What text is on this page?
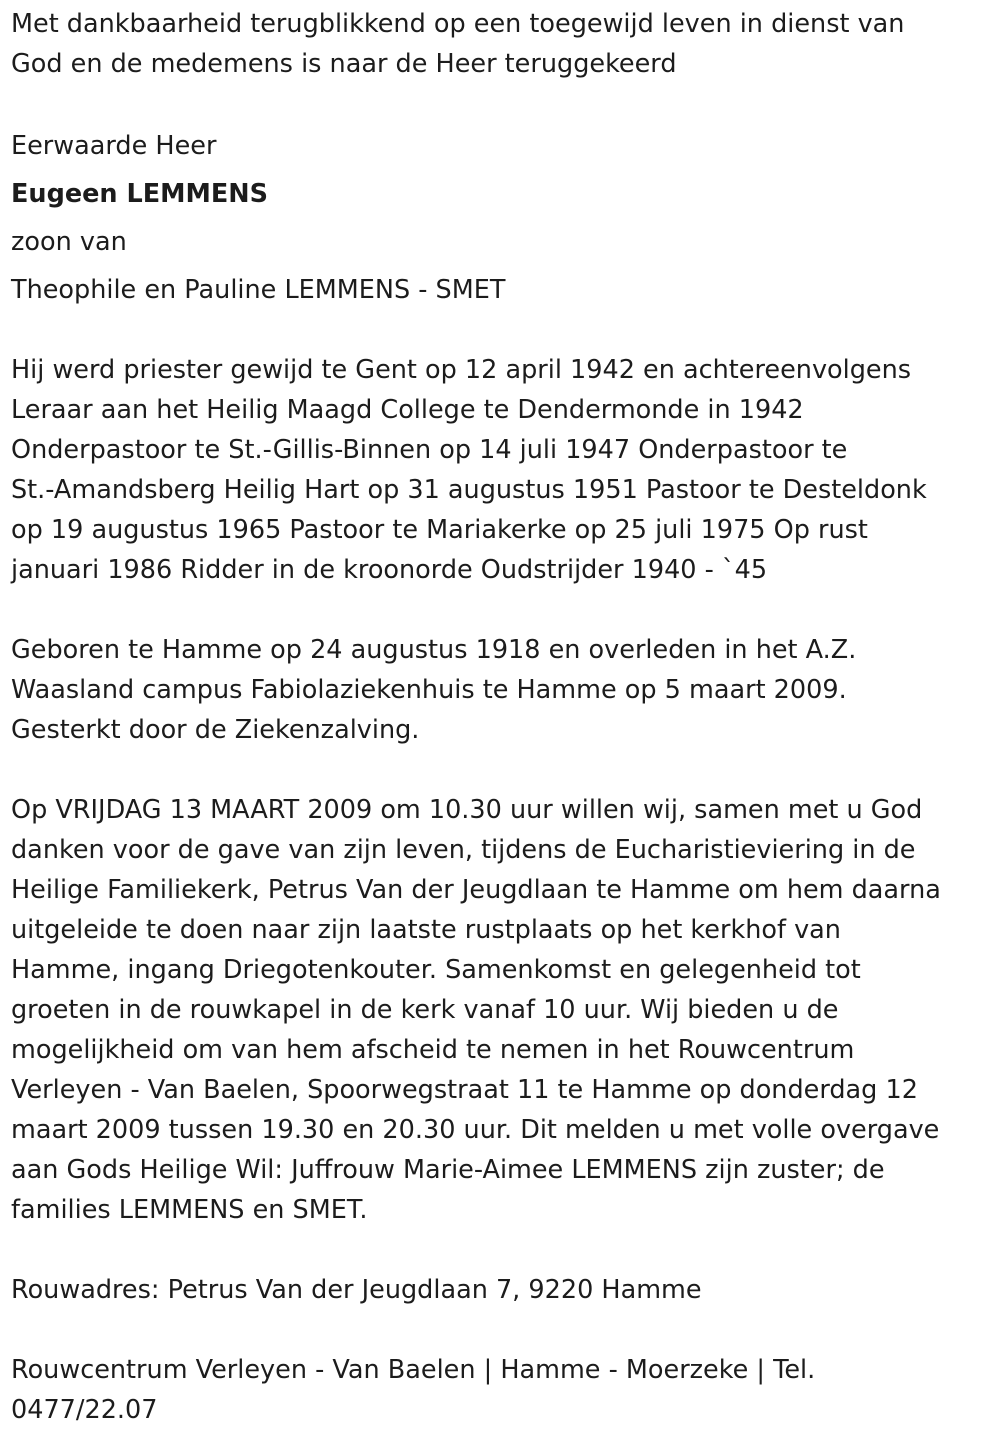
Met dankbaarheid terugblikkend op een toegewijd leven in dienst van
God en de medemens is naar de Heer teruggekeerd

Eerwaarde Heer

Eugeen LEMMENS

zoon van

Theophile en Pauline LEMMENS - SMET

Hij werd priester gewijd te Gent op 12 april 1942 en achtereenvolgens
Leraar aan het Heilig Maagd College te Dendermonde in 1942
Onderpastoor te St.-Gillis-Binnen op 14 juli 1947 Onderpastoor te
St.-Amandsberg Heilig Hart op 31 augustus 1951 Pastoor te Desteldonk
op 19 augustus 1965 Pastoor te Mariakerke op 25 juli 1975 Op rust
januari 1986 Ridder in de kroonorde Oudstrijder 1940 - `45

Geboren te Hamme op 24 augustus 1918 en overleden in het A.Z.
Waasland campus Fabiolaziekenhuis te Hamme op 5 maart 2009.
Gesterkt door de Ziekenzalving.

Op VRIJDAG 13 MAART 2009 om 10.30 uur willen wij, samen met u God
danken voor de gave van zijn leven, tijdens de Eucharistieviering in de
Heilige Familiekerk, Petrus Van der Jeugdlaan te Hamme om hem daarna
uitgeleide te doen naar zijn laatste rustplaats op het kerkhof van
Hamme, ingang Driegotenkouter. Samenkomst en gelegenheid tot
groeten in de rouwkapel in de kerk vanaf 10 uur. Wij bieden u de
mogelijkheid om van hem afscheid te nemen in het Rouwcentrum
Verleyen - Van Baelen, Spoorwegstraat 11 te Hamme op donderdag 12
maart 2009 tussen 19.30 en 20.30 uur. Dit melden u met volle overgave
aan Gods Heilige Wil: Juffrouw Marie-Aimee LEMMENS zijn zuster; de
families LEMMENS en SMET.

Rouwadres: Petrus Van der Jeugdlaan 7, 9220 Hamme

Rouwcentrum Verleyen - Van Baelen | Hamme - Moerzeke | Tel.
0477/22.07
